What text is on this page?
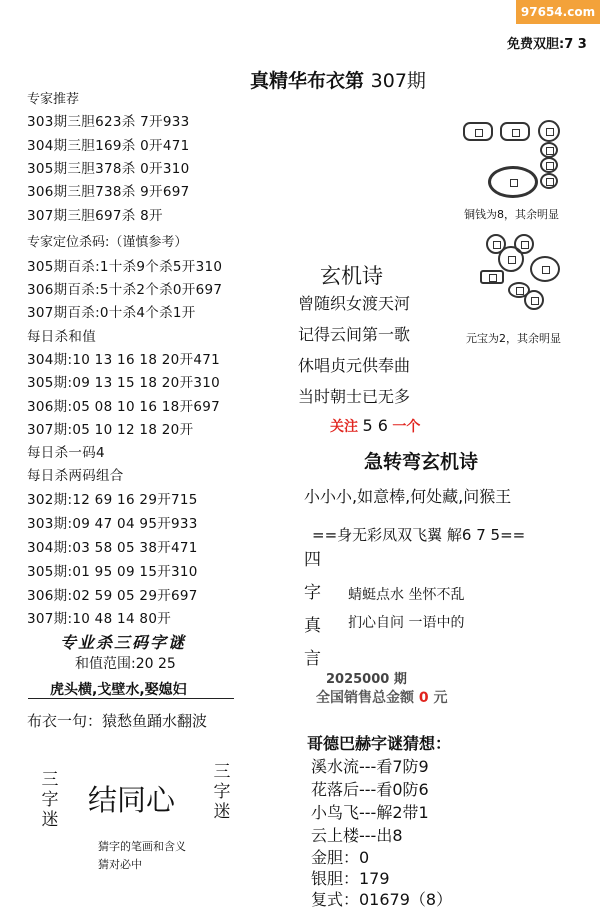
97654.com
免费双胆:7 3
真精华布衣第 307期
专家推荐
303期三胆623杀 7开933
304期三胆169杀 0开471
305期三胆378杀 0开310
306期三胆738杀 9开697
307期三胆697杀 8开
专家定位杀码:（谨慎参考）
305期百杀:1十杀9个杀5开310
306期百杀:5十杀2个杀0开697
307期百杀:0十杀4个杀1开
每日杀和值
304期:10 13 16 18 20开471
305期:09 13 15 18 20开310
306期:05 08 10 16 18开697
307期:05 10 12 18 20开
每日杀一码4
每日杀两码组合
302期:12 69 16 29开715
303期:09 47 04 95开933
304期:03 58 05 38开471
305期:01 95 09 15开310
306期:02 59 05 29开697
307期:10 48 14 80开
专业杀三码字谜
和值范围:20 25
虎头横,戈壁水,娶媳妇
布衣一句：猿愁鱼踊水翻波
三字迷
结同心
三字迷
猜字的笔画和含义
猜对必中
铜钱为8，其余明显
元宝为2，其余明显
玄机诗
曾随织女渡天河
记得云间第一歌
休唱贞元供奉曲
当时朝士已无多
关注 5 6 一个
急转弯玄机诗
小小小,如意棒,何处藏,问猴王
==身无彩凤双飞翼 解6 7 5==
四
字
真
言
蜻蜓点水 坐怀不乱
扪心自问 一语中的
2025000 期
全国销售总金额 0 元
哥德巴赫字谜猜想：
溪水流---看7防9
花落后---看0防6
小鸟飞---解2带1
云上楼---出8
金胆：0
银胆：179
复式：01679（8）
